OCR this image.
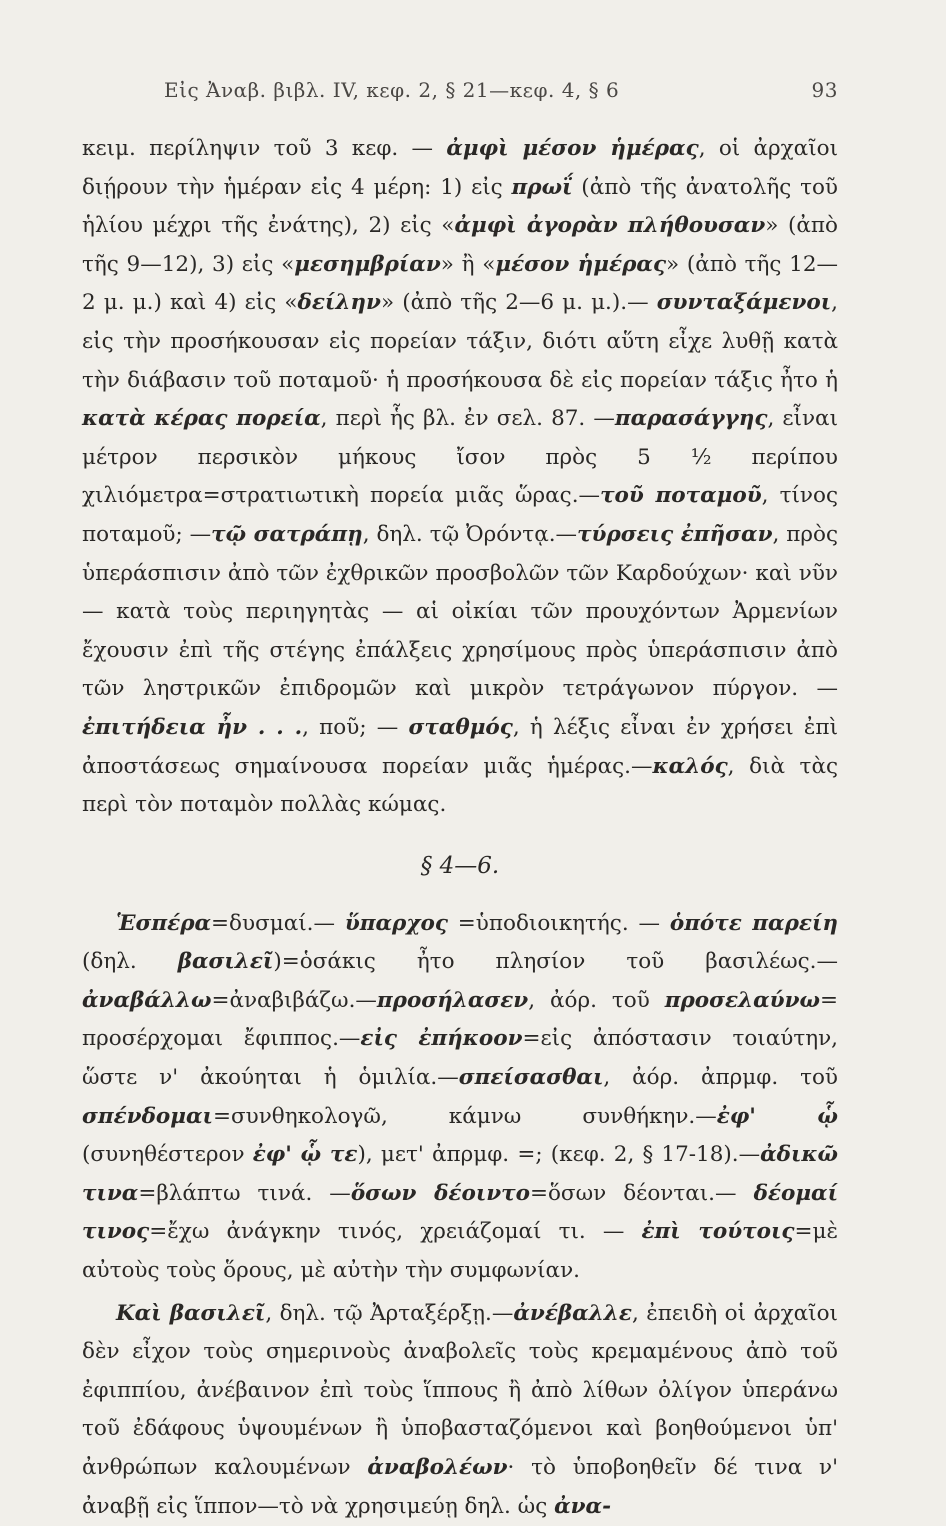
Εἰς Ἀναβ. βιβλ. IV, κεφ. 2, § 21—κεφ. 4, § 6	93

κειμ. περίληψιν τοῦ 3 κεφ. — ἀμφὶ μέσον ἡμέρας, οἱ ἀρχαῖοι διῄρουν τὴν ἡμέραν εἰς 4 μέρη: 1) εἰς πρωΐ (ἀπὸ τῆς ἀνατολῆς τοῦ ἡλίου μέχρι τῆς ἐνάτης), 2) εἰς «ἀμφὶ ἀγορὰν πλήθουσαν» (ἀπὸ τῆς 9—12), 3) εἰς «μεσημβρίαν» ἢ «μέσον ἡμέρας» (ἀπὸ τῆς 12—2 μ. μ.) καὶ 4) εἰς «δείλην» (ἀπὸ τῆς 2—6 μ. μ.).— συνταξάμενοι, εἰς τὴν προσήκουσαν εἰς πορείαν τάξιν, διότι αὕτη εἶχε λυθῇ κατὰ τὴν διάβασιν τοῦ ποταμοῦ· ἡ προσήκουσα δὲ εἰς πορείαν τάξις ἦτο ἡ κατὰ κέρας πορεία, περὶ ἧς βλ. ἐν σελ. 87. —παρασάγγης, εἶναι μέτρον περσικὸν μήκους ἴσον πρὸς 5 ½ περίπου χιλιόμετρα=στρατιωτικὴ πορεία μιᾶς ὥρας.—τοῦ ποταμοῦ, τίνος ποταμοῦ; —τῷ σατράπῃ, δηλ. τῷ Ὀρόντᾳ.—τύρσεις ἐπῆσαν, πρὸς ὑπεράσπισιν ἀπὸ τῶν ἐχθρικῶν προσβολῶν τῶν Καρδούχων· καὶ νῦν — κατὰ τοὺς περιηγητὰς — αἱ οἰκίαι τῶν προυχόντων Ἀρμενίων ἔχουσιν ἐπὶ τῆς στέγης ἐπάλξεις χρησίμους πρὸς ὑπεράσπισιν ἀπὸ τῶν ληστρικῶν ἐπιδρομῶν καὶ μικρὸν τετράγωνον πύργον. — ἐπιτήδεια ἦν . . ., ποῦ; — σταθμός, ἡ λέξις εἶναι ἐν χρήσει ἐπὶ ἀποστάσεως σημαίνουσα πορείαν μιᾶς ἡμέρας.—καλός, διὰ τὰς περὶ τὸν ποταμὸν πολλὰς κώμας.

§ 4—6.

Ἑσπέρα=δυσμαί.— ὕπαρχος =ὑποδιοικητής. — ὁπότε παρείη (δηλ. βασιλεῖ)=ὁσάκις ἦτο πλησίον τοῦ βασιλέως.— ἀναβάλλω=ἀναβιβάζω.—προσήλασεν, ἀόρ. τοῦ προσελαύνω= προσέρχομαι ἔφιππος.—εἰς ἐπήκοον=εἰς ἀπόστασιν τοιαύτην, ὥστε ν' ἀκούηται ἡ ὁμιλία.—σπείσασθαι, ἀόρ. ἀπρμφ. τοῦ σπένδομαι=συνθηκολογῶ, κάμνω συνθήκην.—ἐφ' ᾧ (συνηθέστερον ἐφ' ᾧ τε), μετ' ἀπρμφ. =; (κεφ. 2, § 17-18).—ἀδικῶ τινα=βλάπτω τινά. —ὅσων δέοιντο=ὅσων δέονται.— δέομαί τινος=ἔχω ἀνάγκην τινός, χρειάζομαί τι. — ἐπὶ τούτοις=μὲ αὐτοὺς τοὺς ὅρους, μὲ αὐτὴν τὴν συμφωνίαν.

Καὶ βασιλεῖ, δηλ. τῷ Ἀρταξέρξῃ.—ἀνέβαλλε, ἐπειδὴ οἱ ἀρχαῖοι δὲν εἶχον τοὺς σημερινοὺς ἀναβολεῖς τοὺς κρεμαμένους ἀπὸ τοῦ ἐφιππίου, ἀνέβαινον ἐπὶ τοὺς ἵππους ἢ ἀπὸ λίθων ὀλίγον ὑπεράνω τοῦ ἐδάφους ὑψουμένων ἢ ὑποβασταζόμενοι καὶ βοηθούμενοι ὑπ' ἀνθρώπων καλουμένων ἀναβολέων· τὸ ὑποβοηθεῖν δέ τινα ν' ἀναβῇ εἰς ἵππον—τὸ νὰ χρησιμεύῃ δηλ. ὡς ἀνα-
